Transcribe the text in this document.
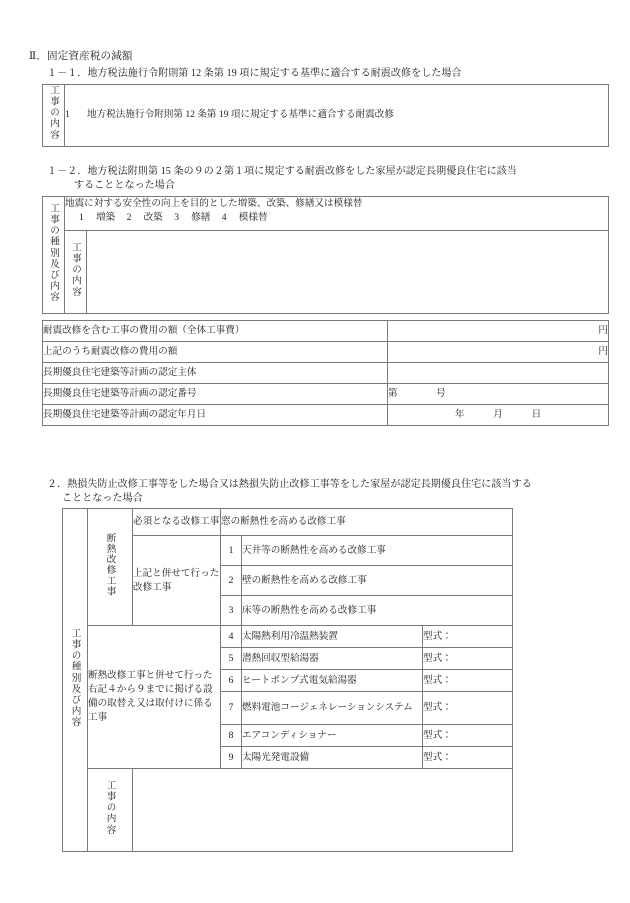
Ⅱ．固定資産税の減額
１－１．地方税法施行令附則第 12 条第 19 項に規定する基準に適合する耐震改修をした場合
工事の内容	1 地方税法施行令附則第 12 条第 19 項に規定する基準に適合する耐震改修
１－２．地方税法附則第 15 条の９の２第１項に規定する耐震改修をした家屋が認定長期優良住宅に該当
することとなった場合
工事の種別及び内容	地震に対する安全性の向上を目的とした増築、改築、修繕又は模様替
1 増築 2 改築 3 修繕 4 模様替	

	工事の内容	
耐震改修を含む工事の費用の額（全体工事費）	円
上記のうち耐震改修の費用の額	円
長期優良住宅建築等計画の認定主体	
長期優良住宅建築等計画の認定番号	第　　　　号
長期優良住宅建築等計画の認定年月日	年　　　月　　　日
２．熱損失防止改修工事等をした場合又は熱損失防止改修工事等をした家屋が認定長期優良住宅に該当する
こととなった場合
工事の種別及び内容	断熱改修工事	必須となる改修工事	窓の断熱性を高める改修工事		
		上記と併せて行った改修工事	1	天井等の断熱性を高める改修工事	
			2	壁の断熱性を高める改修工事	
			3	床等の断熱性を高める改修工事	
	断熱改修工事と併せて行った右記４から９までに掲げる設備の取替え又は取付けに係る工事		4	太陽熱利用冷温熱装置	型式：
			5	潜熱回収型給湯器	型式：
			6	ヒートポンプ式電気給湯器	型式：
			7	燃料電池コージェネレーションシステム	型式：
			8	エアコンディショナー	型式：
			9	太陽光発電設備	型式：
	工事の内容				
